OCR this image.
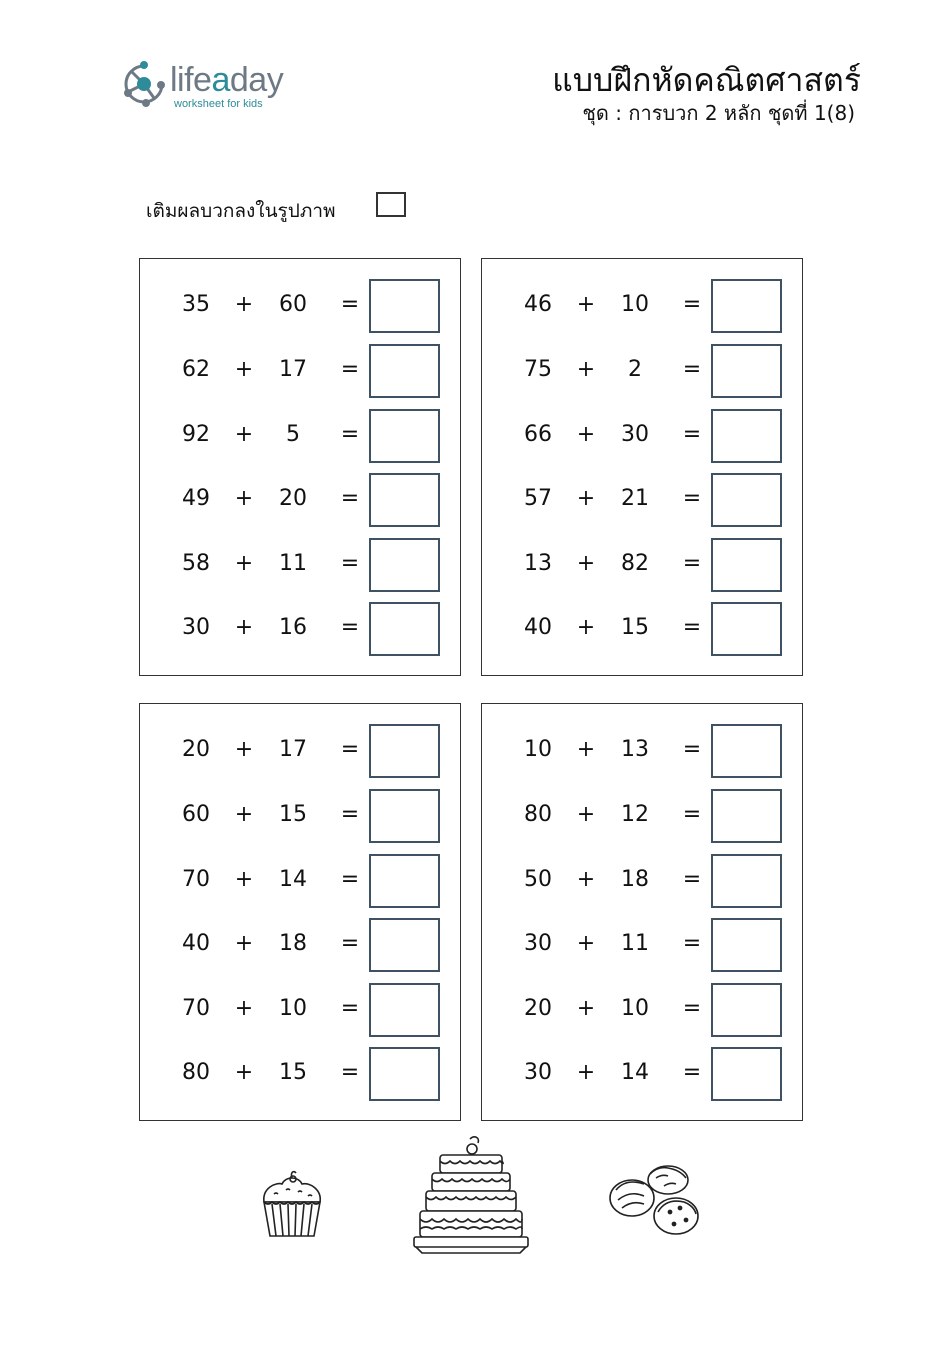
lifeaday
worksheet for kids
แบบฝึกหัดคณิตศาสตร์
ชุด : การบวก 2 หลัก ชุดที่ 1(8)
เติมผลบวกลงในรูปภาพ
35	+	60	=
62	+	17	=
92	+	5	=
49	+	20	=
58	+	11	=
30	+	16	=
46	+	10	=
75	+	2	=
66	+	30	=
57	+	21	=
13	+	82	=
40	+	15	=
20	+	17	=
60	+	15	=
70	+	14	=
40	+	18	=
70	+	10	=
80	+	15	=
10	+	13	=
80	+	12	=
50	+	18	=
30	+	11	=
20	+	10	=
30	+	14	=
